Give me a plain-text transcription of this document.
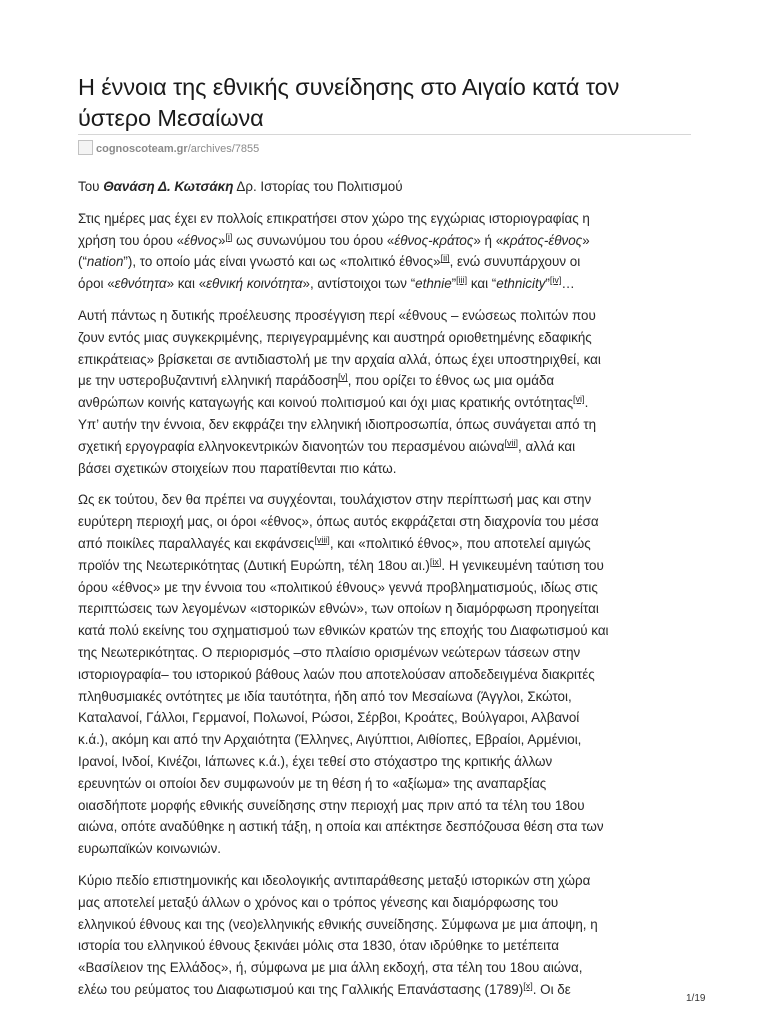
Η έννοια της εθνικής συνείδησης στο Αιγαίο κατά τον
ύστερο Μεσαίωνα
cognoscoteam.gr/archives/7855

Του Θανάση Δ. Κωτσάκη Δρ. Ιστορίας του Πολιτισμού

Στις ημέρες μας έχει εν πολλοίς επικρατήσει στον χώρο της εγχώριας ιστοριογραφίας η
χρήση του όρου «έθνος»[i] ως συνωνύμου του όρου «έθνος-κράτος» ή «κράτος-έθνος»
(“nation”), το οποίο μάς είναι γνωστό και ως «πολιτικό έθνος»[ii], ενώ συνυπάρχουν οι
όροι «εθνότητα» και «εθνική κοινότητα», αντίστοιχοι των “ethnie”[iii] και “ethnicity”[iv]…

Αυτή πάντως η δυτικής προέλευσης προσέγγιση περί «έθνους – ενώσεως πολιτών που
ζουν εντός μιας συγκεκριμένης, περιγεγραμμένης και αυστηρά οριοθετημένης εδαφικής
επικράτειας» βρίσκεται σε αντιδιαστολή με την αρχαία αλλά, όπως έχει υποστηριχθεί, και
με την υστεροβυζαντινή ελληνική παράδοση[v], που ορίζει το έθνος ως μια ομάδα
ανθρώπων κοινής καταγωγής και κοινού πολιτισμού και όχι μιας κρατικής οντότητας[vi].
Υπ’ αυτήν την έννοια, δεν εκφράζει την ελληνική ιδιοπροσωπία, όπως συνάγεται από τη
σχετική εργογραφία ελληνοκεντρικών διανοητών του περασμένου αιώνα[vii], αλλά και
βάσει σχετικών στοιχείων που παρατίθενται πιο κάτω.

Ως εκ τούτου, δεν θα πρέπει να συγχέονται, τουλάχιστον στην περίπτωσή μας και στην
ευρύτερη περιοχή μας, οι όροι «έθνος», όπως αυτός εκφράζεται στη διαχρονία του μέσα
από ποικίλες παραλλαγές και εκφάνσεις[viii], και «πολιτικό έθνος», που αποτελεί αμιγώς
προϊόν της Νεωτερικότητας (Δυτική Ευρώπη, τέλη 18ου αι.)[ix]. Η γενικευμένη ταύτιση του
όρου «έθνος» με την έννοια του «πολιτικού έθνους» γεννά προβληματισμούς, ιδίως στις
περιπτώσεις των λεγομένων «ιστορικών εθνών», των οποίων η διαμόρφωση προηγείται
κατά πολύ εκείνης του σχηματισμού των εθνικών κρατών της εποχής του Διαφωτισμού και
της Νεωτερικότητας. Ο περιορισμός –στο πλαίσιο ορισμένων νεώτερων τάσεων στην
ιστοριογραφία– του ιστορικού βάθους λαών που αποτελούσαν αποδεδειγμένα διακριτές
πληθυσμιακές οντότητες με ιδία ταυτότητα, ήδη από τον Μεσαίωνα (Άγγλοι, Σκώτοι,
Καταλανοί, Γάλλοι, Γερμανοί, Πολωνοί, Ρώσοι, Σέρβοι, Κροάτες, Βούλγαροι, Αλβανοί
κ.ά.), ακόμη και από την Αρχαιότητα (Έλληνες, Αιγύπτιοι, Αιθίοπες, Εβραίοι, Αρμένιοι,
Ιρανοί, Ινδοί, Κινέζοι, Ιάπωνες κ.ά.), έχει τεθεί στο στόχαστρο της κριτικής άλλων
ερευνητών οι οποίοι δεν συμφωνούν με τη θέση ή το «αξίωμα» της αναπαρξίας
οιασδήποτε μορφής εθνικής συνείδησης στην περιοχή μας πριν από τα τέλη του 18ου
αιώνα, οπότε αναδύθηκε η αστική τάξη, η οποία και απέκτησε δεσπόζουσα θέση στα των
ευρωπαϊκών κοινωνιών.

Κύριο πεδίο επιστημονικής και ιδεολογικής αντιπαράθεσης μεταξύ ιστορικών στη χώρα
μας αποτελεί μεταξύ άλλων ο χρόνος και ο τρόπος γένεσης και διαμόρφωσης του
ελληνικού έθνους και της (νεο)ελληνικής εθνικής συνείδησης. Σύμφωνα με μια άποψη, η
ιστορία του ελληνικού έθνους ξεκινάει μόλις στα 1830, όταν ιδρύθηκε το μετέπειτα
«Βασίλειον της Ελλάδος», ή, σύμφωνα με μια άλλη εκδοχή, στα τέλη του 18ου αιώνα,
ελέω του ρεύματος του Διαφωτισμού και της Γαλλικής Επανάστασης (1789)[x]. Οι δε

1/19
